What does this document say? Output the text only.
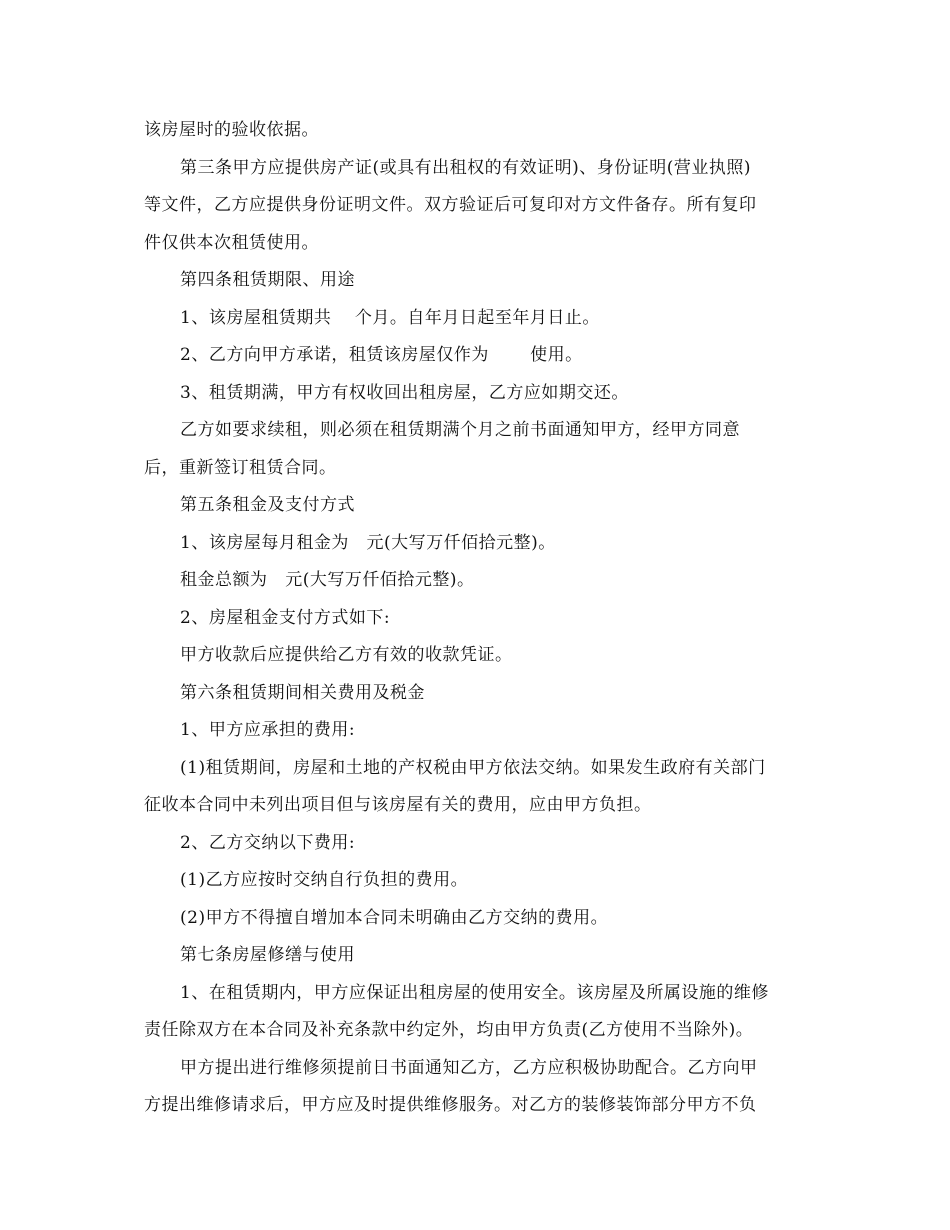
该房屋时的验收依据。
第三条甲方应提供房产证(或具有出租权的有效证明)、身份证明(营业执照)
等文件，乙方应提供身份证明文件。双方验证后可复印对方文件备存。所有复印
件仅供本次租赁使用。
第四条租赁期限、用途
1、该房屋租赁期共    个月。自年月日起至年月日止。
2、乙方向甲方承诺，租赁该房屋仅作为       使用。
3、租赁期满，甲方有权收回出租房屋，乙方应如期交还。
乙方如要求续租，则必须在租赁期满个月之前书面通知甲方，经甲方同意
后，重新签订租赁合同。
第五条租金及支付方式
1、该房屋每月租金为   元(大写万仟佰拾元整)。
租金总额为   元(大写万仟佰拾元整)。
2、房屋租金支付方式如下:
甲方收款后应提供给乙方有效的收款凭证。
第六条租赁期间相关费用及税金
1、甲方应承担的费用:
(1)租赁期间，房屋和土地的产权税由甲方依法交纳。如果发生政府有关部门
征收本合同中未列出项目但与该房屋有关的费用，应由甲方负担。
2、乙方交纳以下费用:
(1)乙方应按时交纳自行负担的费用。
(2)甲方不得擅自增加本合同未明确由乙方交纳的费用。
第七条房屋修缮与使用
1、在租赁期内，甲方应保证出租房屋的使用安全。该房屋及所属设施的维修
责任除双方在本合同及补充条款中约定外，均由甲方负责(乙方使用不当除外)。
甲方提出进行维修须提前日书面通知乙方，乙方应积极协助配合。乙方向甲
方提出维修请求后，甲方应及时提供维修服务。对乙方的装修装饰部分甲方不负
